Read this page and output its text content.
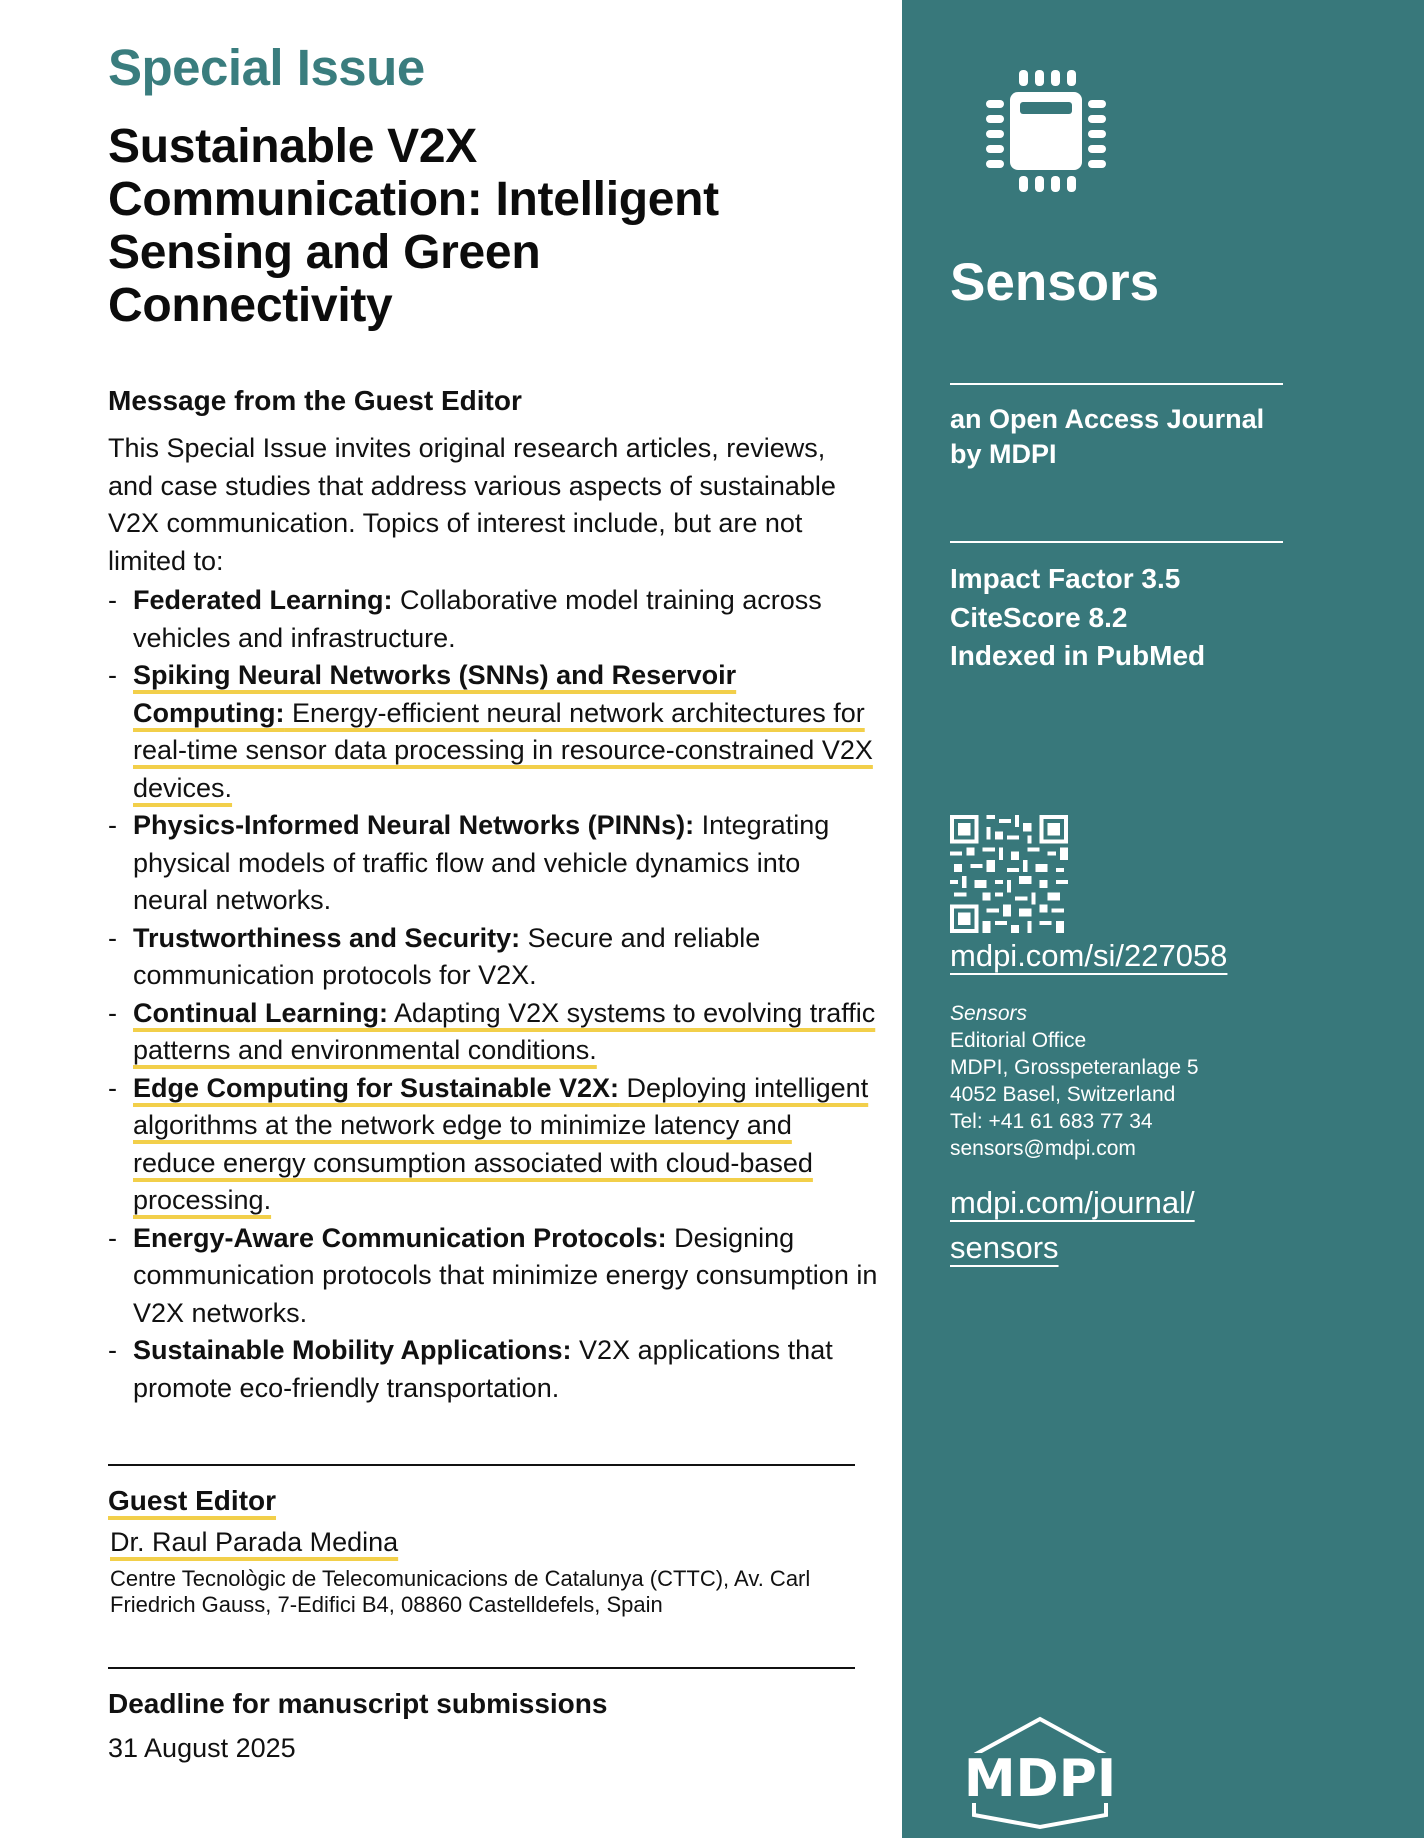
Special Issue
Sustainable V2X Communication: Intelligent Sensing and Green Connectivity
Message from the Guest Editor
This Special Issue invites original research articles, reviews, and case studies that address various aspects of sustainable V2X communication. Topics of interest include, but are not limited to:
- Federated Learning: Collaborative model training across vehicles and infrastructure.
- Spiking Neural Networks (SNNs) and Reservoir Computing: Energy-efficient neural network architectures for real-time sensor data processing in resource-constrained V2X devices.
- Physics-Informed Neural Networks (PINNs): Integrating physical models of traffic flow and vehicle dynamics into neural networks.
- Trustworthiness and Security: Secure and reliable communication protocols for V2X.
- Continual Learning: Adapting V2X systems to evolving traffic patterns and environmental conditions.
- Edge Computing for Sustainable V2X: Deploying intelligent algorithms at the network edge to minimize latency and reduce energy consumption associated with cloud-based processing.
- Energy-Aware Communication Protocols: Designing communication protocols that minimize energy consumption in V2X networks.
- Sustainable Mobility Applications: V2X applications that promote eco-friendly transportation.
Guest Editor
Dr. Raul Parada Medina
Centre Tecnològic de Telecomunicacions de Catalunya (CTTC), Av. Carl Friedrich Gauss, 7-Edifici B4, 08860 Castelldefels, Spain
Deadline for manuscript submissions
31 August 2025
Sensors
an Open Access Journal by MDPI
Impact Factor 3.5
CiteScore 8.2
Indexed in PubMed
mdpi.com/si/227058
Sensors
Editorial Office
MDPI, Grosspeteranlage 5
4052 Basel, Switzerland
Tel: +41 61 683 77 34
sensors@mdpi.com
mdpi.com/journal/
sensors
MDPI
